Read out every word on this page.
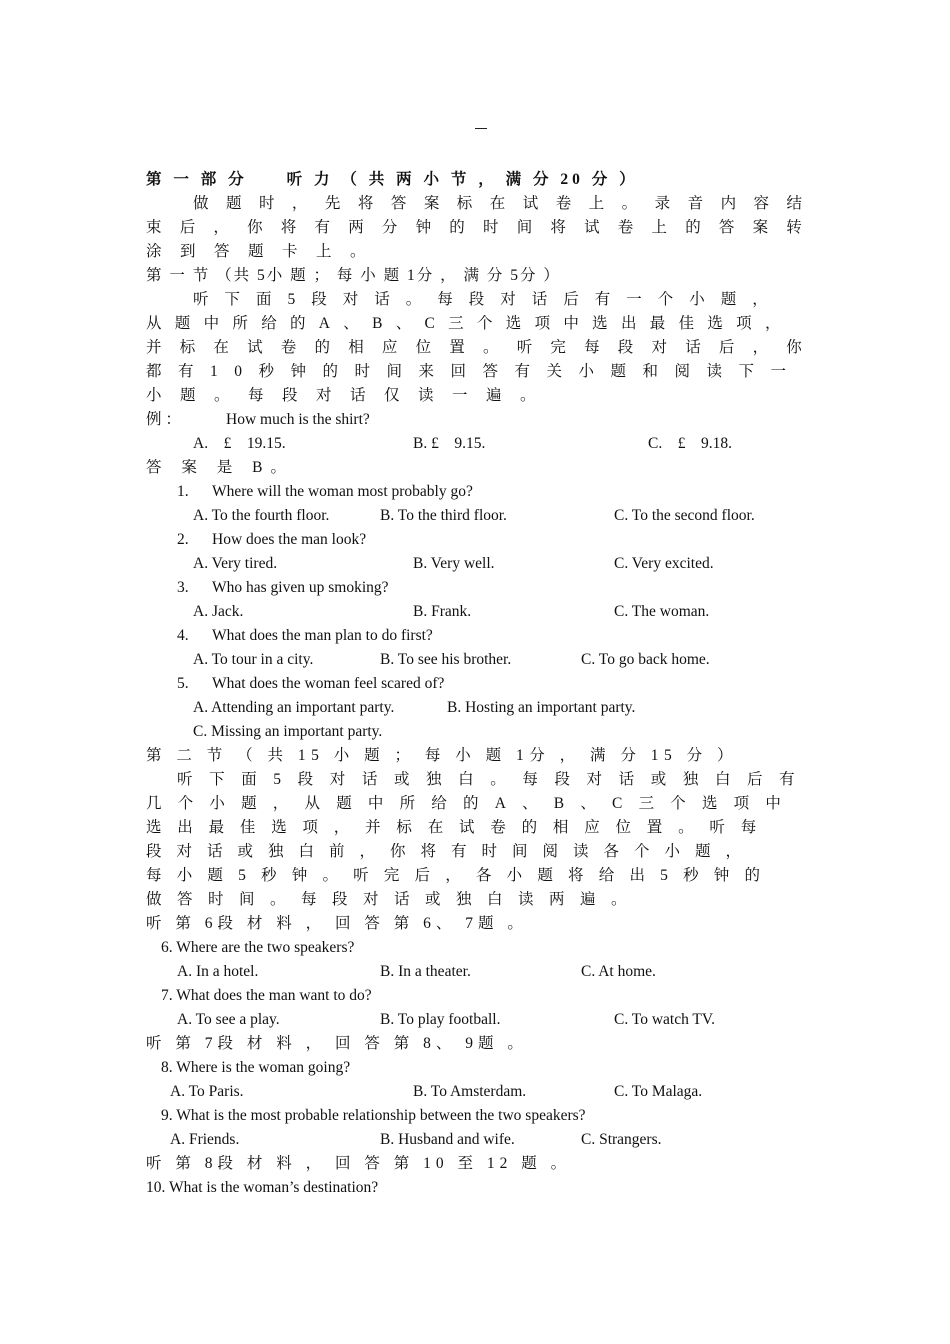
第 一 部 分　　听 力 （ 共 两 小 节 ， 满 分 20 分 ）
做题时，先将答案标在试卷上。录音内容结
束后，你将有两分钟的时间将试卷上的答案转
涂到答题卡上。
第 一 节 （共 5小 题 ； 每 小 题 1分 ， 满 分 5分 ）
听下面5段对话。每段对话后有一个小题，
从题中所给的A、B、C三个选项中选出最佳选项，
并标在试卷的相应位置。听完每段对话后，你
都有10秒钟的时间来回答有关小题和阅读下一
小题。每段对话仅读一遍。
例 ：	How much is the shirt?
A.　£　19.15.	B. £　9.15.	C.　£　9.18.
答 案 是 B。
1. Where will the woman most probably go?
A. To the fourth floor.	B. To the third floor.	C. To the second floor.
2. How does the man look?
A. Very tired.	B. Very well.	C. Very excited.
3. Who has given up smoking?
A. Jack.	B. Frank.	C. The woman.
4. What does the man plan to do first?
A. To tour in a city.	B. To see his brother.	C. To go back home.
5. What does the woman feel scared of?
A. Attending an important party.	B. Hosting an important party.
C. Missing an important party.
第 二 节 （ 共 15 小 题 ； 每 小 题 1分 ， 满 分 15 分 ）
听下面5段对话或独白。每段对话或独白后有
几个小题，从题中所给的A、B、C三个选项中
选出最佳选项，并标在试卷的相应位置。听每
段对话或独白前，你将有时间阅读各个小题，
每小题5秒钟。听完后，各小题将给出5秒钟的
做答时间。每段对话或独白读两遍。
听 第 6段 材 料 ， 回 答 第 6、 7题 。
6. Where are the two speakers?
A. In a hotel.	B. In a theater.	C. At home.
7. What does the man want to do?
A. To see a play.	B. To play football.	C. To watch TV.
听 第 7段 材 料 ， 回 答 第 8、 9题 。
8. Where is the woman going?
A. To Paris.	B. To Amsterdam.	C. To Malaga.
9. What is the most probable relationship between the two speakers?
A. Friends.	B. Husband and wife.	C. Strangers.
听 第 8段 材 料 ， 回 答 第 10 至 12 题 。
10. What is the woman’s destination?
